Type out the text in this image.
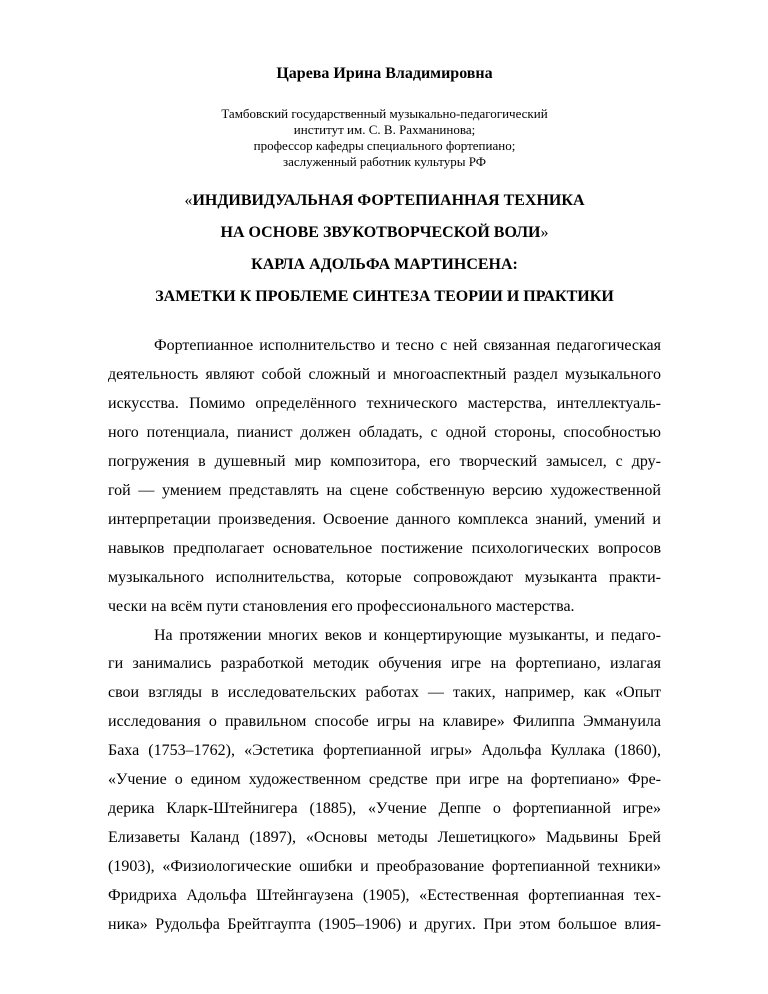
Царева Ирина Владимировна

Тамбовский государственный музыкально-педагогический
институт им. С. В. Рахманинова;
профессор кафедры специального фортепиано;
заслуженный работник культуры РФ

«ИНДИВИДУАЛЬНАЯ ФОРТЕПИАННАЯ ТЕХНИКА
НА ОСНОВЕ ЗВУКОТВОРЧЕСКОЙ ВОЛИ»
КАРЛА АДОЛЬФА МАРТИНСЕНА:
ЗАМЕТКИ К ПРОБЛЕМЕ СИНТЕЗА ТЕОРИИ И ПРАКТИКИ
Фортепианное исполнительство и тесно с ней связанная педагогическая
деятельность являют собой сложный и многоаспектный раздел музыкального
искусства. Помимо определённого технического мастерства, интеллектуаль-
ного потенциала, пианист должен обладать, с одной стороны, способностью
погружения в душевный мир композитора, его творческий замысел, с дру-
гой — умением представлять на сцене собственную версию художественной
интерпретации произведения. Освоение данного комплекса знаний, умений и
навыков предполагает основательное постижение психологических вопросов
музыкального исполнительства, которые сопровождают музыканта практи-
чески на всём пути становления его профессионального мастерства.
На протяжении многих веков и концертирующие музыканты, и педаго-
ги занимались разработкой методик обучения игре на фортепиано, излагая
свои взгляды в исследовательских работах — таких, например, как «Опыт
исследования о правильном способе игры на клавире» Филиппа Эммануила
Баха (1753–1762), «Эстетика фортепианной игры» Адольфа Куллака (1860),
«Учение о едином художественном средстве при игре на фортепиано» Фре-
дерика Кларк-Штейнигера (1885), «Учение Деппе о фортепианной игре»
Елизаветы Каланд (1897), «Основы методы Лешетицкого» Мадьвины Брей
(1903), «Физиологические ошибки и преобразование фортепианной техники»
Фридриха Адольфа Штейнгаузена (1905), «Естественная фортепианная тех-
ника» Рудольфа Брейтгаупта (1905–1906) и других. При этом большое влия-
